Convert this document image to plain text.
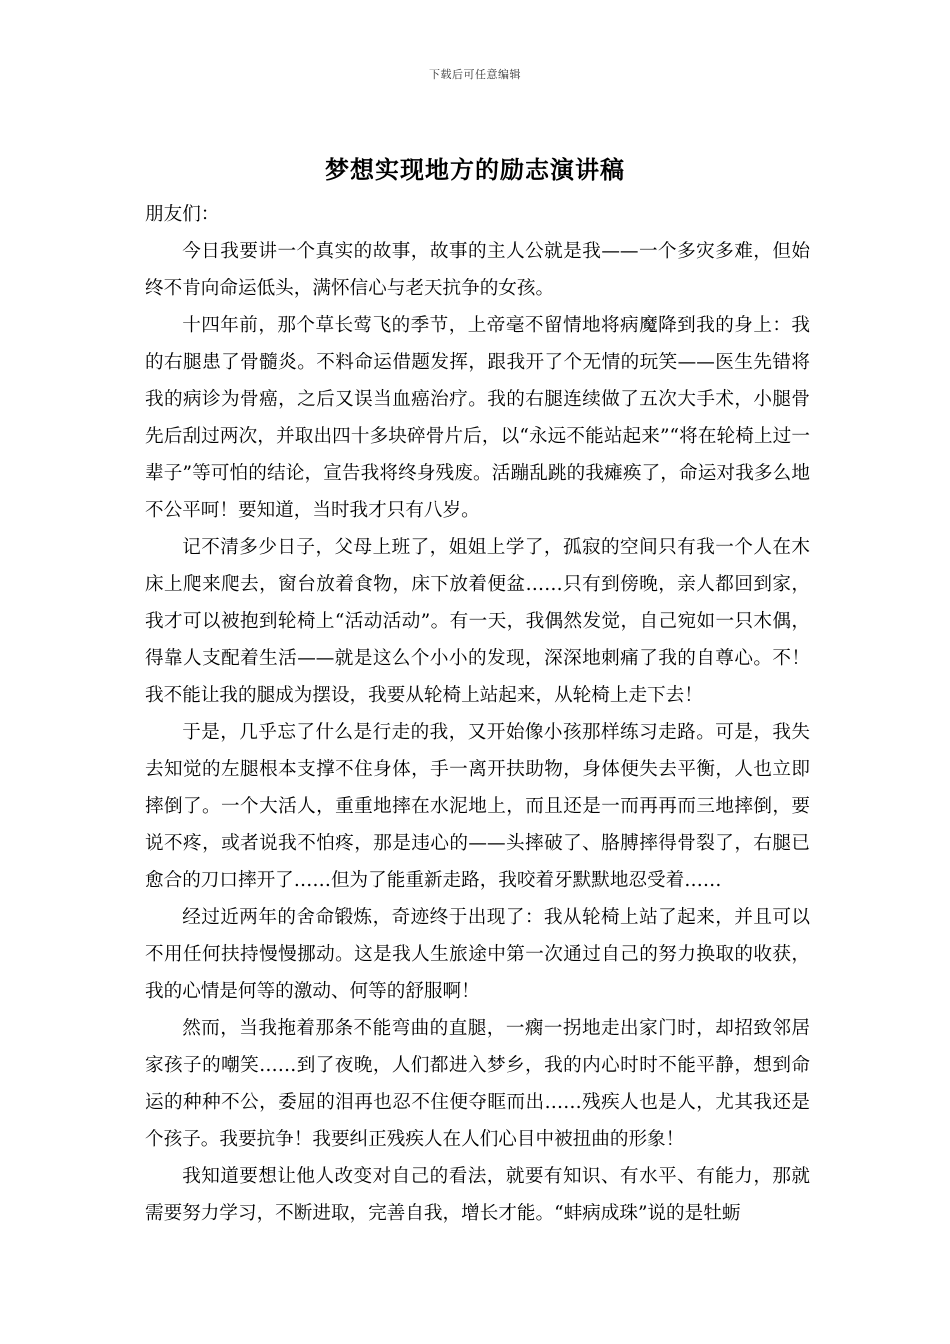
下载后可任意编辑
梦想实现地方的励志演讲稿

朋友们：

今日我要讲一个真实的故事，故事的主人公就是我——一个多灾多难，但始终不肯向命运低头，满怀信心与老天抗争的女孩。

十四年前，那个草长莺飞的季节，上帝毫不留情地将病魔降到我的身上：我的右腿患了骨髓炎。不料命运借题发挥，跟我开了个无情的玩笑——医生先错将我的病诊为骨癌，之后又误当血癌治疗。我的右腿连续做了五次大手术，小腿骨先后刮过两次，并取出四十多块碎骨片后，以“永远不能站起来”“将在轮椅上过一辈子”等可怕的结论，宣告我将终身残废。活蹦乱跳的我瘫痪了，命运对我多么地不公平呵！要知道，当时我才只有八岁。

记不清多少日子，父母上班了，姐姐上学了，孤寂的空间只有我一个人在木床上爬来爬去，窗台放着食物，床下放着便盆……只有到傍晚，亲人都回到家，我才可以被抱到轮椅上“活动活动”。有一天，我偶然发觉，自己宛如一只木偶，得靠人支配着生活——就是这么个小小的发现，深深地刺痛了我的自尊心。不！我不能让我的腿成为摆设，我要从轮椅上站起来，从轮椅上走下去！

于是，几乎忘了什么是行走的我，又开始像小孩那样练习走路。可是，我失去知觉的左腿根本支撑不住身体，手一离开扶助物，身体便失去平衡，人也立即摔倒了。一个大活人，重重地摔在水泥地上，而且还是一而再再而三地摔倒，要说不疼，或者说我不怕疼，那是违心的——头摔破了、胳膊摔得骨裂了，右腿已愈合的刀口摔开了……但为了能重新走路，我咬着牙默默地忍受着……

经过近两年的舍命锻炼，奇迹终于出现了：我从轮椅上站了起来，并且可以不用任何扶持慢慢挪动。这是我人生旅途中第一次通过自己的努力换取的收获，我的心情是何等的激动、何等的舒服啊！

然而，当我拖着那条不能弯曲的直腿，一瘸一拐地走出家门时，却招致邻居家孩子的嘲笑……到了夜晚，人们都进入梦乡，我的内心时时不能平静，想到命运的种种不公，委屈的泪再也忍不住便夺眶而出……残疾人也是人，尤其我还是个孩子。我要抗争！我要纠正残疾人在人们心目中被扭曲的形象！

我知道要想让他人改变对自己的看法，就要有知识、有水平、有能力，那就需要努力学习，不断进取，完善自我，增长才能。“蚌病成珠”说的是牡蛎
